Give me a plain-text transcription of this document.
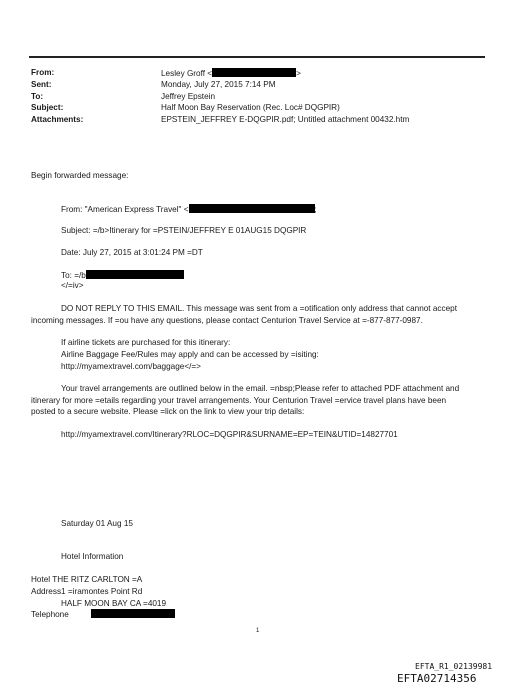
From:
Sent:
To:
Subject:
Attachments:
Lesley Groff <	>
Monday, July 27, 2015 7:14 PM
Jeffrey Epstein
Half Moon Bay Reservation (Rec. Loc# DQGPIR)
EPSTEIN_JEFFREY E-DQGPIR.pdf; Untitled attachment 00432.htm
Begin forwarded message:
From: "American Express Travel" <	;
Subject: =/b>Itinerary for =PSTEIN/JEFFREY E 01AUG15 DQGPIR
Date: July 27, 2015 at 3:01:24 PM =DT
To: =/b
</=iv>
DO NOT REPLY TO THIS EMAIL. This message was sent from a =otification only address that cannot accept
incoming messages. If =ou have any questions, please contact Centurion Travel Service at =-877-877-0987.
If airline tickets are purchased for this itinerary:
Airline Baggage Fee/Rules may apply and can be accessed by =isiting:
http://myamextravel.com/baggage</=>
Your travel arrangements are outlined below in the email. =nbsp;Please refer to attached PDF attachment and
itinerary for more =etails regarding your travel arrangements. Your Centurion Travel =ervice travel plans have been
posted to a secure website. Please =lick on the link to view your trip details:
http://myamextravel.com/Itinerary?RLOC=DQGPIR&SURNAME=EP=TEIN&UTID=14827701
Saturday 01 Aug 15
Hotel Information
Hotel THE RITZ CARLTON =A
Address1 =iramontes Point Rd
HALF MOON BAY CA =4019
Telephone
1
EFTA_R1_02139981
EFTA02714356
